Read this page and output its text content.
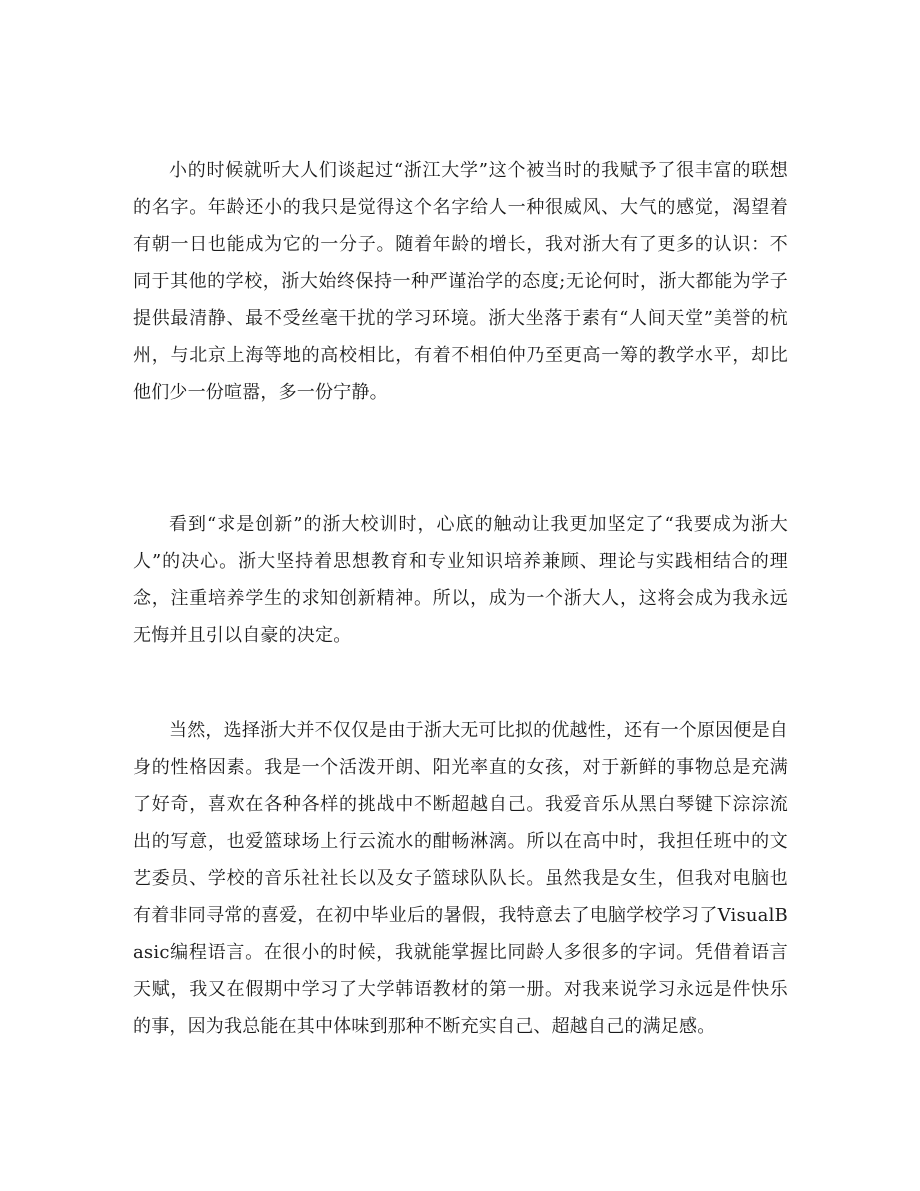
小的时候就听大人们谈起过“浙江大学”这个被当时的我赋予了很丰富的联想的名字。年龄还小的我只是觉得这个名字给人一种很威风、大气的感觉，渴望着有朝一日也能成为它的一分子。随着年龄的增长，我对浙大有了更多的认识：不同于其他的学校，浙大始终保持一种严谨治学的态度;无论何时，浙大都能为学子提供最清静、最不受丝毫干扰的学习环境。浙大坐落于素有“人间天堂”美誉的杭州，与北京上海等地的高校相比，有着不相伯仲乃至更高一筹的教学水平，却比他们少一份喧嚣，多一份宁静。

看到“求是创新”的浙大校训时，心底的触动让我更加坚定了“我要成为浙大人”的决心。浙大坚持着思想教育和专业知识培养兼顾、理论与实践相结合的理念，注重培养学生的求知创新精神。所以，成为一个浙大人，这将会成为我永远无悔并且引以自豪的决定。

当然，选择浙大并不仅仅是由于浙大无可比拟的优越性，还有一个原因便是自身的性格因素。我是一个活泼开朗、阳光率直的女孩，对于新鲜的事物总是充满了好奇，喜欢在各种各样的挑战中不断超越自己。我爱音乐从黑白琴键下淙淙流出的写意，也爱篮球场上行云流水的酣畅淋漓。所以在高中时，我担任班中的文艺委员、学校的音乐社社长以及女子篮球队队长。虽然我是女生，但我对电脑也有着非同寻常的喜爱，在初中毕业后的暑假，我特意去了电脑学校学习了VisualBasic编程语言。在很小的时候，我就能掌握比同龄人多很多的字词。凭借着语言天赋，我又在假期中学习了大学韩语教材的第一册。对我来说学习永远是件快乐的事，因为我总能在其中体味到那种不断充实自己、超越自己的满足感。
